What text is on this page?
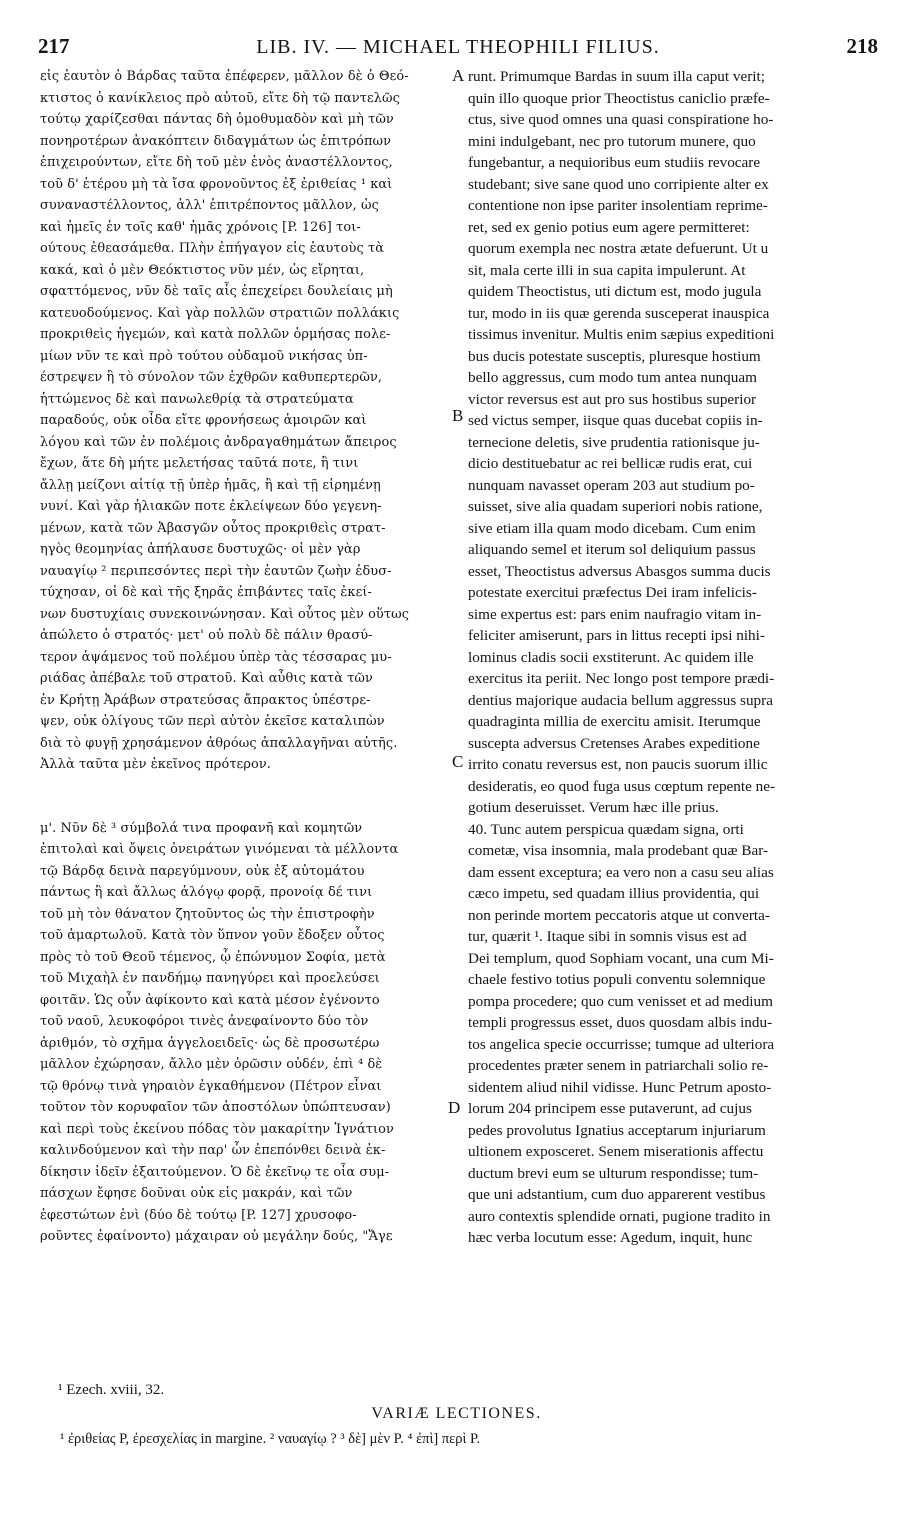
217	LIB. IV. — MICHAEL THEOPHILI FILIUS.	218
εἰς ἑαυτὸν ὁ Βάρδας ταῦτα ἐπέφερεν, μᾶλλον δὲ ὁ Θεό-
κτιστος ὁ κανίκλειος πρὸ αὐτοῦ, εἴτε δὴ τῷ παντελῶς
τούτῳ χαρίζεσθαι πάντας δὴ ὁμοθυμαδὸν καὶ μὴ τῶν
πονηροτέρων ἀνακόπτειν διδαγμάτων ὡς ἐπιτρόπων
ἐπιχειρούντων, εἴτε δὴ τοῦ μὲν ἑνὸς ἀναστέλλοντος,
τοῦ δ' ἑτέρου μὴ τὰ ἴσα φρονοῦντος ἐξ ἐριθείας ¹ καὶ
συναναστέλλοντος, ἀλλ' ἐπιτρέποντος μᾶλλον, ὡς
καὶ ἡμεῖς ἐν τοῖς καθ' ἡμᾶς χρόνοις [P. 126] τοι-
ούτους ἐθεασάμεθα. Πλὴν ἐπήγαγον εἰς ἑαυτοὺς τὰ
κακά, καὶ ὁ μὲν Θεόκτιστος νῦν μέν, ὡς εἴρηται,
σφαττόμενος, νῦν δὲ ταῖς αἷς ἐπεχείρει δουλείαις μὴ
κατευοδούμενος. Καὶ γὰρ πολλῶν στρατιῶν πολλάκις
προκριθεὶς ἡγεμών, καὶ κατὰ πολλῶν ὁρμήσας πολε-
μίων νῦν τε καὶ πρὸ τούτου οὐδαμοῦ νικήσας ὑπ-
έστρεψεν ἢ τὸ σύνολον τῶν ἐχθρῶν καθυπερτερῶν,
ἡττώμενος δὲ καὶ πανωλεθρίᾳ τὰ στρατεύματα
παραδούς, οὐκ οἶδα εἴτε φρονήσεως ἀμοιρῶν καὶ
λόγου καὶ τῶν ἐν πολέμοις ἀνδραγαθημάτων ἄπειρος
ἔχων, ἅτε δὴ μήτε μελετήσας ταῦτά ποτε, ἢ τινι
ἄλλῃ μείζονι αἰτίᾳ τῇ ὑπὲρ ἡμᾶς, ἢ καὶ τῇ εἰρημένῃ
νυνί. Καὶ γὰρ ἡλιακῶν ποτε ἐκλείψεων δύο γεγενη-
μένων, κατὰ τῶν Ἀβασγῶν οὗτος προκριθεὶς στρατ-
ηγὸς θεομηνίας ἀπήλαυσε δυστυχῶς· οἱ μὲν γὰρ
ναυαγίῳ ² περιπεσόντες περὶ τὴν ἑαυτῶν ζωὴν ἐδυσ-
τύχησαν, οἱ δὲ καὶ τῆς ξηρᾶς ἐπιβάντες ταῖς ἐκεί-
νων δυστυχίαις συνεκοινώνησαν. Καὶ οὗτος μὲν οὕτως
ἀπώλετο ὁ στρατός· μετ' οὐ πολὺ δὲ πάλιν θρασύ-
τερον ἁψάμενος τοῦ πολέμου ὑπὲρ τὰς τέσσαρας μυ-
ριάδας ἀπέβαλε τοῦ στρατοῦ. Καὶ αὖθις κατὰ τῶν
ἐν Κρήτῃ Ἀράβων στρατεύσας ἄπρακτος ὑπέστρε-
ψεν, οὐκ ὀλίγους τῶν περὶ αὐτὸν ἐκεῖσε καταλιπὼν
διὰ τὸ φυγῇ χρησάμενον ἀθρόως ἀπαλλαγῆναι αὐτῆς.
Ἀλλὰ ταῦτα μὲν ἐκεῖνος πρότερον.
μ'. Νῦν δὲ ³ σύμβολά τινα προφανῆ καὶ κομητῶν
ἐπιτολαὶ καὶ ὄψεις ὀνειράτων γινόμεναι τὰ μέλλοντα
τῷ Βάρδᾳ δεινὰ παρεγύμνουν, οὐκ ἐξ αὐτομάτου
πάντως ἢ καὶ ἄλλως ἀλόγῳ φορᾷ, προνοίᾳ δέ τινι
τοῦ μὴ τὸν θάνατον ζητοῦντος ὡς τὴν ἐπιστροφὴν
τοῦ ἁμαρτωλοῦ. Κατὰ τὸν ὕπνον γοῦν ἔδοξεν οὗτος
πρὸς τὸ τοῦ Θεοῦ τέμενος, ᾧ ἐπώνυμον Σοφία, μετὰ
τοῦ Μιχαὴλ ἐν πανδήμῳ πανηγύρει καὶ προελεύσει
φοιτᾶν. Ὡς οὖν ἀφίκοντο καὶ κατὰ μέσον ἐγένοντο
τοῦ ναοῦ, λευκοφόροι τινὲς ἀνεφαίνοντο δύο τὸν
ἀριθμόν, τὸ σχῆμα ἀγγελοειδεῖς· ὡς δὲ προσωτέρω
μᾶλλον ἐχώρησαν, ἄλλο μὲν ὁρῶσιν οὐδέν, ἐπὶ ⁴ δὲ
τῷ θρόνῳ τινὰ γηραιὸν ἐγκαθήμενον (Πέτρον εἶναι
τοῦτον τὸν κορυφαῖον τῶν ἀποστόλων ὑπώπτευσαν)
καὶ περὶ τοὺς ἐκείνου πόδας τὸν μακαρίτην Ἰγνάτιον
καλινδούμενον καὶ τὴν παρ' ὧν ἐπεπόνθει δεινὰ ἐκ-
δίκησιν ἰδεῖν ἐξαιτούμενον. Ὁ δὲ ἐκεῖνῳ τε οἷα συμ-
πάσχων ἔφησε δοῦναι οὐκ εἰς μακράν, καὶ τῶν
ἐφεστώτων ἑνὶ (δύο δὲ τούτῳ [P. 127] χρυσοφο-
ροῦντες ἐφαίνοντο) μάχαιραν οὐ μεγάλην δούς, "Ἄγε
runt. Primumque Bardas in suum illa caput verit;
quin illo quoque prior Theoctistus caniclio præfe-
ctus, sive quod omnes una quasi conspiratione ho-
mini indulgebant, nec pro tutorum munere, quo
fungebantur, a nequioribus eum studiis revocare
studebant; sive sane quod uno corripiente alter ex
contentione non ipse pariter insolentiam reprime-
ret, sed ex genio potius eum agere permitteret:
quorum exempla nec nostra ætate defuerunt. Ut u
sit, mala certe illi in sua capita impulerunt. At
quidem Theoctistus, uti dictum est, modo jugula
tur, modo in iis quæ gerenda susceperat inauspica
tissimus invenitur. Multis enim sæpius expeditioni
bus ducis potestate susceptis, pluresque hostium
bello aggressus, cum modo tum antea nunquam
victor reversus est aut pro sus hostibus superior
sed victus semper, iisque quas ducebat copiis in-
ternecione deletis, sive prudentia rationisque ju-
dicio destituebatur ac rei bellicæ rudis erat, cui
nunquam navasset operam 203 aut studium po-
suisset, sive alia quadam superiori nobis ratione,
sive etiam illa quam modo dicebam. Cum enim
aliquando semel et iterum sol deliquium passus
esset, Theoctistus adversus Abasgos summa ducis
potestate exercitui præfectus Dei iram infelicis-
sime expertus est: pars enim naufragio vitam in-
feliciter amiserunt, pars in littus recepti ipsi nihi-
lominus cladis socii exstiterunt. Ac quidem ille
exercitus ita periit. Nec longo post tempore prædi-
dentius majorique audacia bellum aggressus supra
quadraginta millia de exercitu amisit. Iterumque
suscepta adversus Cretenses Arabes expeditione
irrito conatu reversus est, non paucis suorum illic
desideratis, eo quod fuga usus cœptum repente ne-
gotium deseruisset. Verum hæc ille prius.
40. Tunc autem perspicua quædam signa, orti
cometæ, visa insomnia, mala prodebant quæ Bar-
dam essent exceptura; ea vero non a casu seu alias
cæco impetu, sed quadam illius providentia, qui
non perinde mortem peccatoris atque ut converta-
tur, quærit ¹. Itaque sibi in somnis visus est ad
Dei templum, quod Sophiam vocant, una cum Mi-
chaele festivo totius populi conventu solemnique
pompa procedere; quo cum venisset et ad medium
templi progressus esset, duos quosdam albis indu-
tos angelica specie occurrisse; tumque ad ulteriora
procedentes præter senem in patriarchali solio re-
sidentem aliud nihil vidisse. Hunc Petrum aposto-
lorum 204 principem esse putaverunt, ad cujus
pedes provolutus Ignatius acceptarum injuriarum
ultionem exposceret. Senem miserationis affectu
ductum brevi eum se ulturum respondisse; tum-
que uni adstantium, cum duo apparerent vestibus
auro contextis splendide ornati, pugione tradito in
hæc verba locutum esse: Agedum, inquit, hunc
A
B
C
D
¹ Ezech. xviii, 32.
VARIÆ LECTIONES.
¹ ἐριθείας P, ἐρεσχελίας in margine. ² ναυαγίῳ ? ³ δὲ] μὲν P. ⁴ ἐπὶ] περὶ P.
